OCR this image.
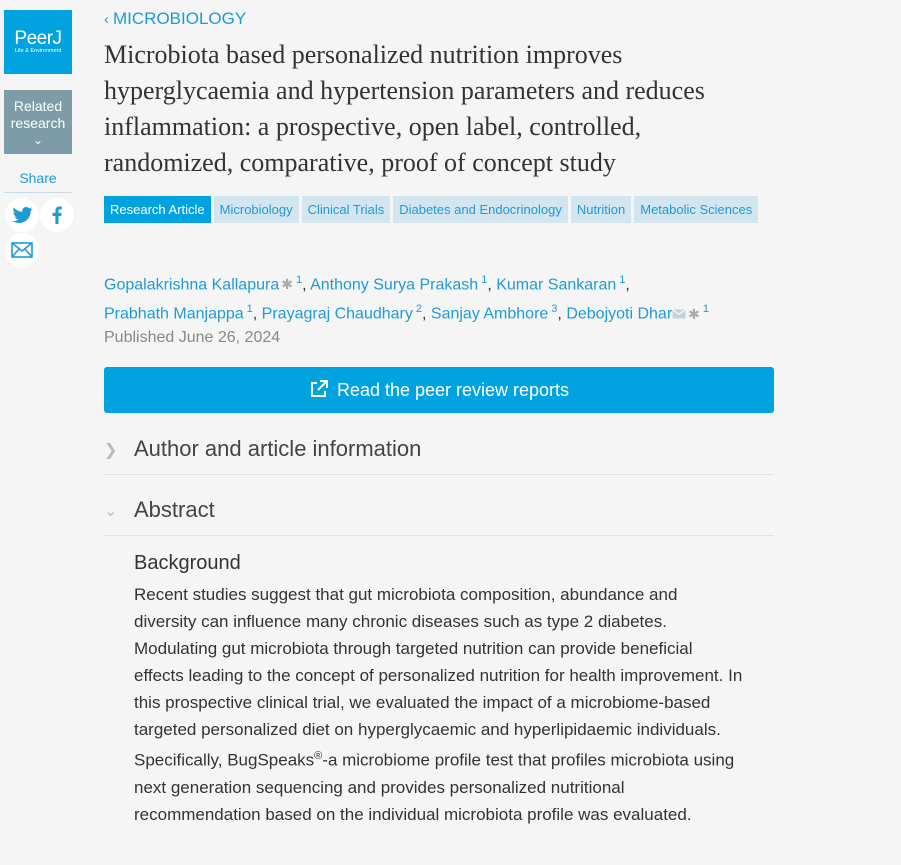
PeerJ
Life & Environment
Related research
⌄
Share
‹ MICROBIOLOGY
Microbiota based personalized nutrition improves hyperglycaemia and hypertension parameters and reduces inflammation: a prospective, open label, controlled, randomized, comparative, proof of concept study
Research Article Microbiology Clinical Trials Diabetes and Endocrinology Nutrition Metabolic Sciences
Gopalakrishna Kallapura ✱ $^1$, Anthony Surya Prakash $^1$, Kumar Sankaran $^1$,
Prabhath Manjappa $^1$, Prayagraj Chaudhary $^2$, Sanjay Ambhore $^3$, Debojyoti Dhar ✱ $^1$
Published June 26, 2024
Read the peer review reports
❯ Author and article information
⌄ Abstract
Background
Recent studies suggest that gut microbiota composition, abundance and diversity can influence many chronic diseases such as type 2 diabetes. Modulating gut microbiota through targeted nutrition can provide beneficial effects leading to the concept of personalized nutrition for health improvement. In this prospective clinical trial, we evaluated the impact of a microbiome-based targeted personalized diet on hyperglycaemic and hyperlipidaemic individuals. Specifically, BugSpeaks®-a microbiome profile test that profiles microbiota using next generation sequencing and provides personalized nutritional recommendation based on the individual microbiota profile was evaluated.
